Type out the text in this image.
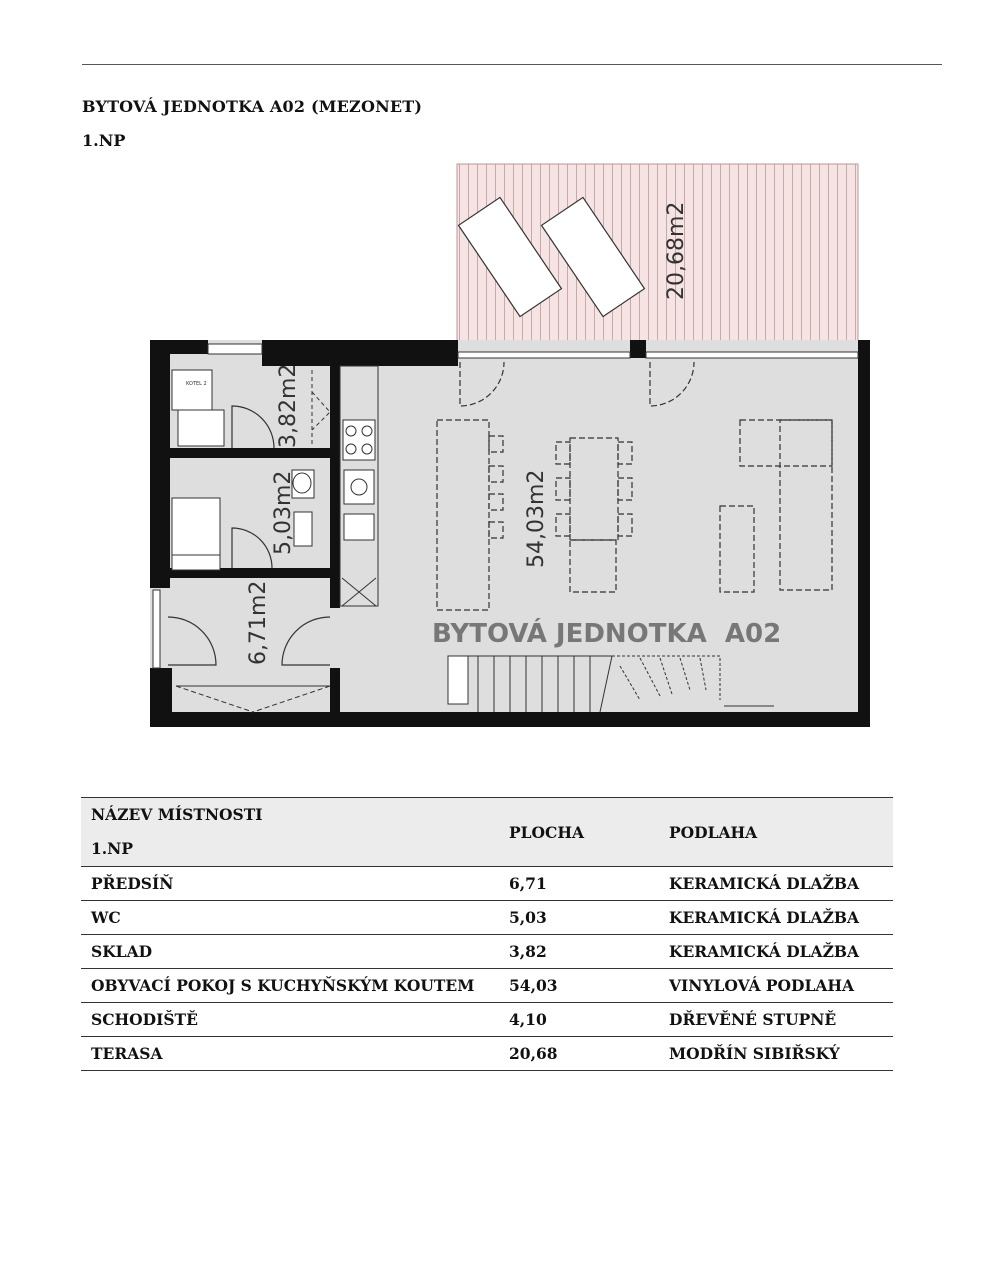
BYTOVÁ JEDNOTKA A02 (MEZONET)
1.NP
20,68m2
KOTEL 2	3,82m2
5,03m2
6,71m2
54,03m2
BYTOVÁ JEDNOTKA  A02
NÁZEV MÍSTNOSTI
1.NP	PLOCHA	PODLAHA
PŘEDSÍŇ	6,71	KERAMICKÁ DLAŽBA
WC	5,03	KERAMICKÁ DLAŽBA
SKLAD	3,82	KERAMICKÁ DLAŽBA
OBYVACÍ POKOJ S KUCHYŇSKÝM KOUTEM	54,03	VINYLOVÁ PODLAHA
SCHODIŠTĚ	4,10	DŘEVĚNÉ STUPNĚ
TERASA	20,68	MODŘÍN SIBIŘSKÝ
